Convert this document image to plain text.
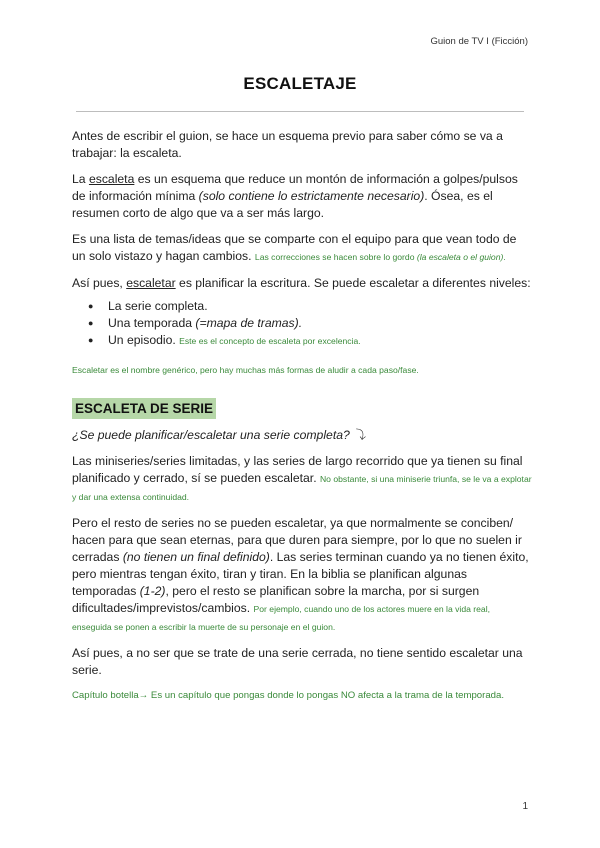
Guion de TV I (Ficción)
ESCALETAJE

Antes de escribir el guion, se hace un esquema previo para saber cómo se va a trabajar: la escaleta.

La escaleta es un esquema que reduce un montón de información a golpes/pulsos de información mínima (solo contiene lo estrictamente necesario). Ósea, es el resumen corto de algo que va a ser más largo.

Es una lista de temas/ideas que se comparte con el equipo para que vean todo de un solo vistazo y hagan cambios. Las correcciones se hacen sobre lo gordo (la escaleta o el guion).

Así pues, escaletar es planificar la escritura. Se puede escaletar a diferentes niveles:

● La serie completa.
● Una temporada (=mapa de tramas).
● Un episodio. Este es el concepto de escaleta por excelencia.

Escaletar es el nombre genérico, pero hay muchas más formas de aludir a cada paso/fase.

ESCALETA DE SERIE

¿Se puede planificar/escaletar una serie completa? ⤵

Las miniseries/series limitadas, y las series de largo recorrido que ya tienen su final planificado y cerrado, sí se pueden escaletar. No obstante, si una miniserie triunfa, se le va a explotar y dar una extensa continuidad.

Pero el resto de series no se pueden escaletar, ya que normalmente se conciben/ hacen para que sean eternas, para que duren para siempre, por lo que no suelen ir cerradas (no tienen un final definido). Las series terminan cuando ya no tienen éxito, pero mientras tengan éxito, tiran y tiran. En la biblia se planifican algunas temporadas (1-2), pero el resto se planifican sobre la marcha, por si surgen dificultades/imprevistos/cambios. Por ejemplo, cuando uno de los actores muere en la vida real, enseguida se ponen a escribir la muerte de su personaje en el guion.

Así pues, a no ser que se trate de una serie cerrada, no tiene sentido escaletar una serie.

Capítulo botella→ Es un capítulo que pongas donde lo pongas NO afecta a la trama de la temporada.

1
